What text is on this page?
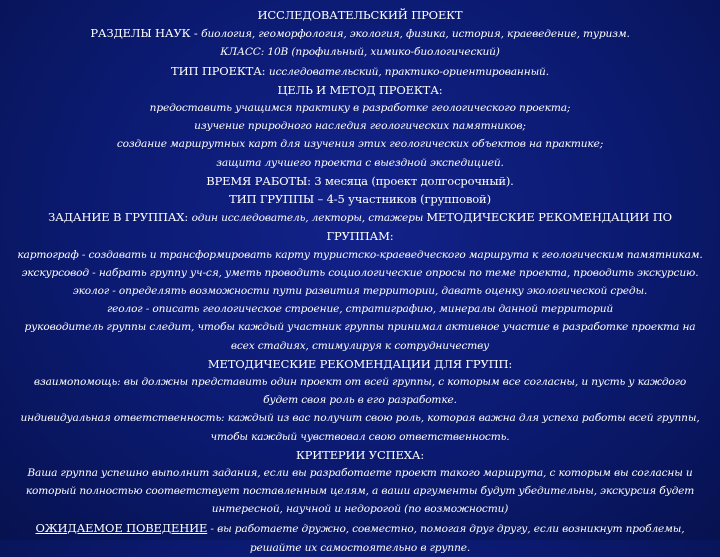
ИССЛЕДОВАТЕЛЬСКИЙ ПРОЕКТ
РАЗДЕЛЫ НАУК - биология, геоморфология, экология, физика, история, краеведение, туризм.
КЛАСС: 10В (профильный, химико-биологический)
ТИП ПРОЕКТА: исследовательский, практико-ориентированный.
ЦЕЛЬ И МЕТОД ПРОЕКТА:
предоставить учащимся практику в разработке геологического проекта;
изучение природного наследия геологических памятников;
создание маршрутных карт для изучения этих геологических объектов на практике;
защита лучшего проекта с выездной экспедицией.
ВРЕМЯ РАБОТЫ: 3 месяца (проект долгосрочный).
ТИП ГРУППЫ – 4-5 участников (групповой)
ЗАДАНИЕ В ГРУППАХ: один исследователь, лекторы, стажеры МЕТОДИЧЕСКИЕ РЕКОМЕНДАЦИИ ПО ГРУППАМ:
картограф - создавать и трансформировать карту туристско-краеведческого маршрута к геологическим памятникам.
экскурсовод - набрать группу уч-ся, уметь проводить социологические опросы по теме проекта, проводить экскурсию.
эколог - определять возможности пути развития территории, давать оценку экологической среды.
геолог - описать геологическое строение, стратиграфию, минералы данной территорий
руководитель группы следит, чтобы каждый участник группы принимал активное участие в разработке проекта на всех стадиях, стимулируя к сотрудничеству
МЕТОДИЧЕСКИЕ РЕКОМЕНДАЦИИ ДЛЯ ГРУПП:
взаимопомощь: вы должны представить один проект от всей группы, с которым все согласны, и пусть у каждого будет своя роль в его разработке.
индивидуальная ответственность: каждый из вас получит свою роль, которая важна для успеха работы всей группы, чтобы каждый чувствовал свою ответственность.
КРИТЕРИИ УСПЕХА:
Ваша группа успешно выполнит задания, если вы разработаете проект такого маршрута, с которым вы согласны и который полностью соответствует поставленным целям, а ваши аргументы будут убедительны, экскурсия будет интересной, научной и недорогой (по возможности)
ОЖИДАЕМОЕ ПОВЕДЕНИЕ - вы работаете дружно, совместно, помогая друг другу, если возникнут проблемы, решайте их самостоятельно в группе.
